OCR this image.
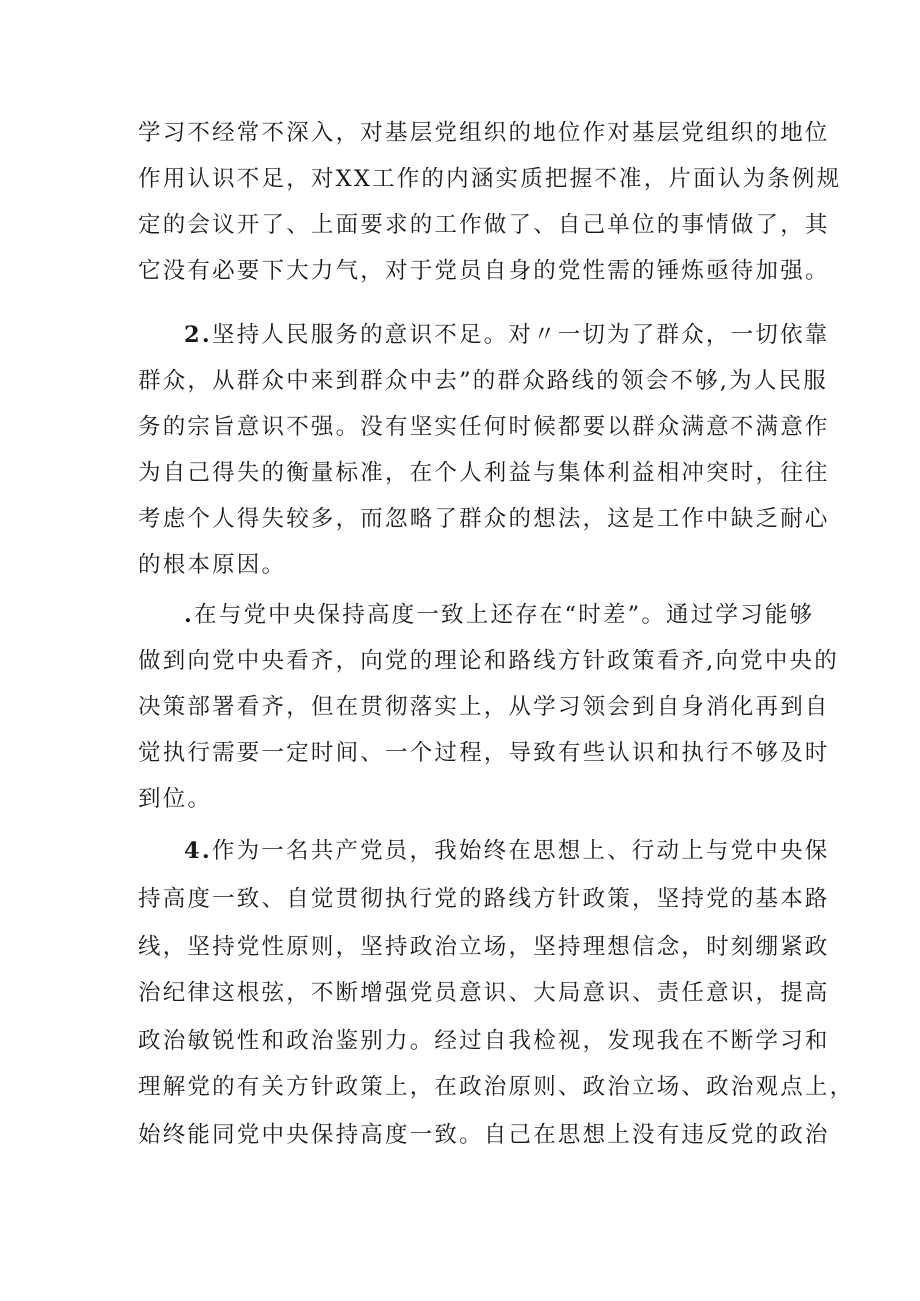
学习不经常不深入，对基层党组织的地位作对基层党组织的地位
作用认识不足，对XX工作的内涵实质把握不准，片面认为条例规
定的会议开了、上面要求的工作做了、自己单位的事情做了，其
它没有必要下大力气，对于党员自身的党性需的锤炼亟待加强。
2.坚持人民服务的意识不足。对〃一切为了群众，一切依靠
群众，从群众中来到群众中去”的群众路线的领会不够,为人民服
务的宗旨意识不强。没有坚实任何时候都要以群众满意不满意作
为自己得失的衡量标准，在个人利益与集体利益相冲突时，往往
考虑个人得失较多，而忽略了群众的想法，这是工作中缺乏耐心
的根本原因。
.在与党中央保持高度一致上还存在“时差”。通过学习能够
做到向党中央看齐，向党的理论和路线方针政策看齐,向党中央的
决策部署看齐，但在贯彻落实上，从学习领会到自身消化再到自
觉执行需要一定时间、一个过程，导致有些认识和执行不够及时
到位。
4.作为一名共产党员，我始终在思想上、行动上与党中央保
持高度一致、自觉贯彻执行党的路线方针政策，坚持党的基本路
线，坚持党性原则，坚持政治立场，坚持理想信念，时刻绷紧政
治纪律这根弦，不断增强党员意识、大局意识、责任意识，提高
政治敏锐性和政治鉴别力。经过自我检视，发现我在不断学习和
理解党的有关方针政策上，在政治原则、政治立场、政治观点上，
始终能同党中央保持高度一致。自己在思想上没有违反党的政治
